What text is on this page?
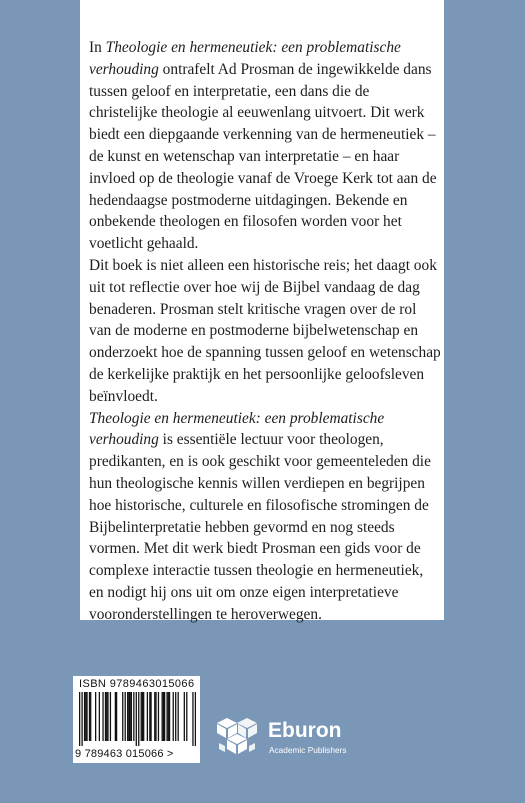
In Theologie en hermeneutiek: een problematische verhouding ontrafelt Ad Prosman de ingewikkelde dans tussen geloof en interpretatie, een dans die de christelijke theologie al eeuwenlang uitvoert. Dit werk biedt een diepgaande verkenning van de hermeneutiek – de kunst en wetenschap van interpretatie – en haar invloed op de theologie vanaf de Vroege Kerk tot aan de hedendaagse postmoderne uitdagingen. Bekende en onbekende theologen en filosofen worden voor het voetlicht gehaald.

Dit boek is niet alleen een historische reis; het daagt ook uit tot reflectie over hoe wij de Bijbel vandaag de dag benaderen. Prosman stelt kritische vragen over de rol van de moderne en postmoderne bijbelwetenschap en onderzoekt hoe de spanning tussen geloof en wetenschap de kerkelijke praktijk en het persoonlijke geloofsleven beïnvloedt.

Theologie en hermeneutiek: een problematische verhouding is essentiële lectuur voor theologen, predikanten, en is ook geschikt voor gemeenteleden die hun theologische kennis willen verdiepen en begrijpen hoe historische, culturele en filosofische stromingen de Bijbelinterpretatie hebben gevormd en nog steeds vormen. Met dit werk biedt Prosman een gids voor de complexe interactie tussen theologie en hermeneutiek, en nodigt hij ons uit om onze eigen interpretatieve vooronderstellingen te heroverwegen.

ISBN 9789463015066
9 789463 015066 >
Eburon
Academic Publishers
